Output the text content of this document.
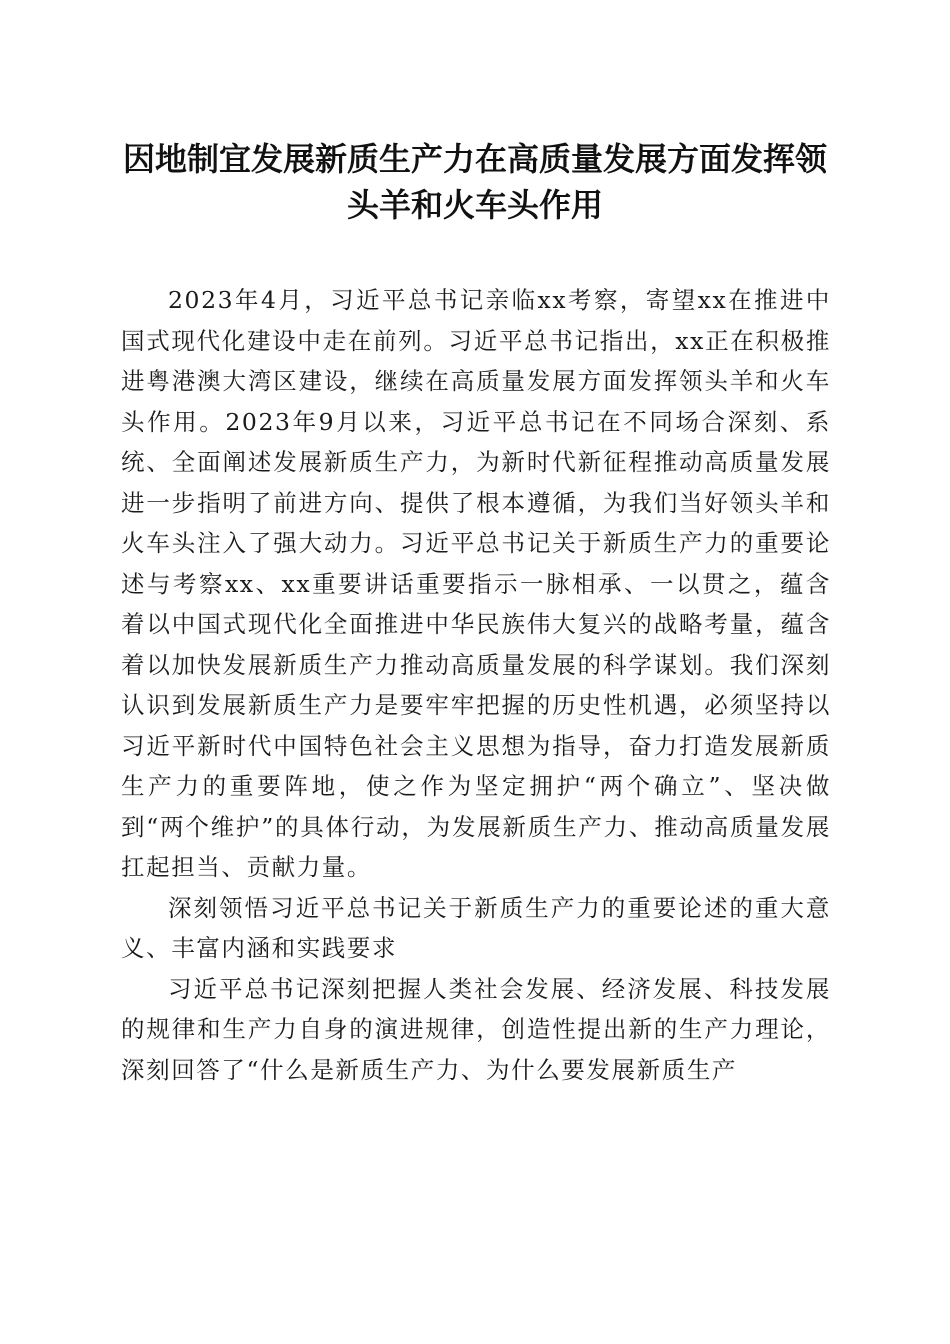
因地制宜发展新质生产力在高质量发展方面发挥领头羊和火车头作用

2023年4月，习近平总书记亲临xx考察，寄望xx在推进中国式现代化建设中走在前列。习近平总书记指出，xx正在积极推进粤港澳大湾区建设，继续在高质量发展方面发挥领头羊和火车头作用。2023年9月以来，习近平总书记在不同场合深刻、系统、全面阐述发展新质生产力，为新时代新征程推动高质量发展进一步指明了前进方向、提供了根本遵循，为我们当好领头羊和火车头注入了强大动力。习近平总书记关于新质生产力的重要论述与考察xx、xx重要讲话重要指示一脉相承、一以贯之，蕴含着以中国式现代化全面推进中华民族伟大复兴的战略考量，蕴含着以加快发展新质生产力推动高质量发展的科学谋划。我们深刻认识到发展新质生产力是要牢牢把握的历史性机遇，必须坚持以习近平新时代中国特色社会主义思想为指导，奋力打造发展新质生产力的重要阵地，使之作为坚定拥护“两个确立”、坚决做到“两个维护”的具体行动，为发展新质生产力、推动高质量发展扛起担当、贡献力量。

深刻领悟习近平总书记关于新质生产力的重要论述的重大意义、丰富内涵和实践要求

习近平总书记深刻把握人类社会发展、经济发展、科技发展的规律和生产力自身的演进规律，创造性提出新的生产力理论，深刻回答了“什么是新质生产力、为什么要发展新质生产
